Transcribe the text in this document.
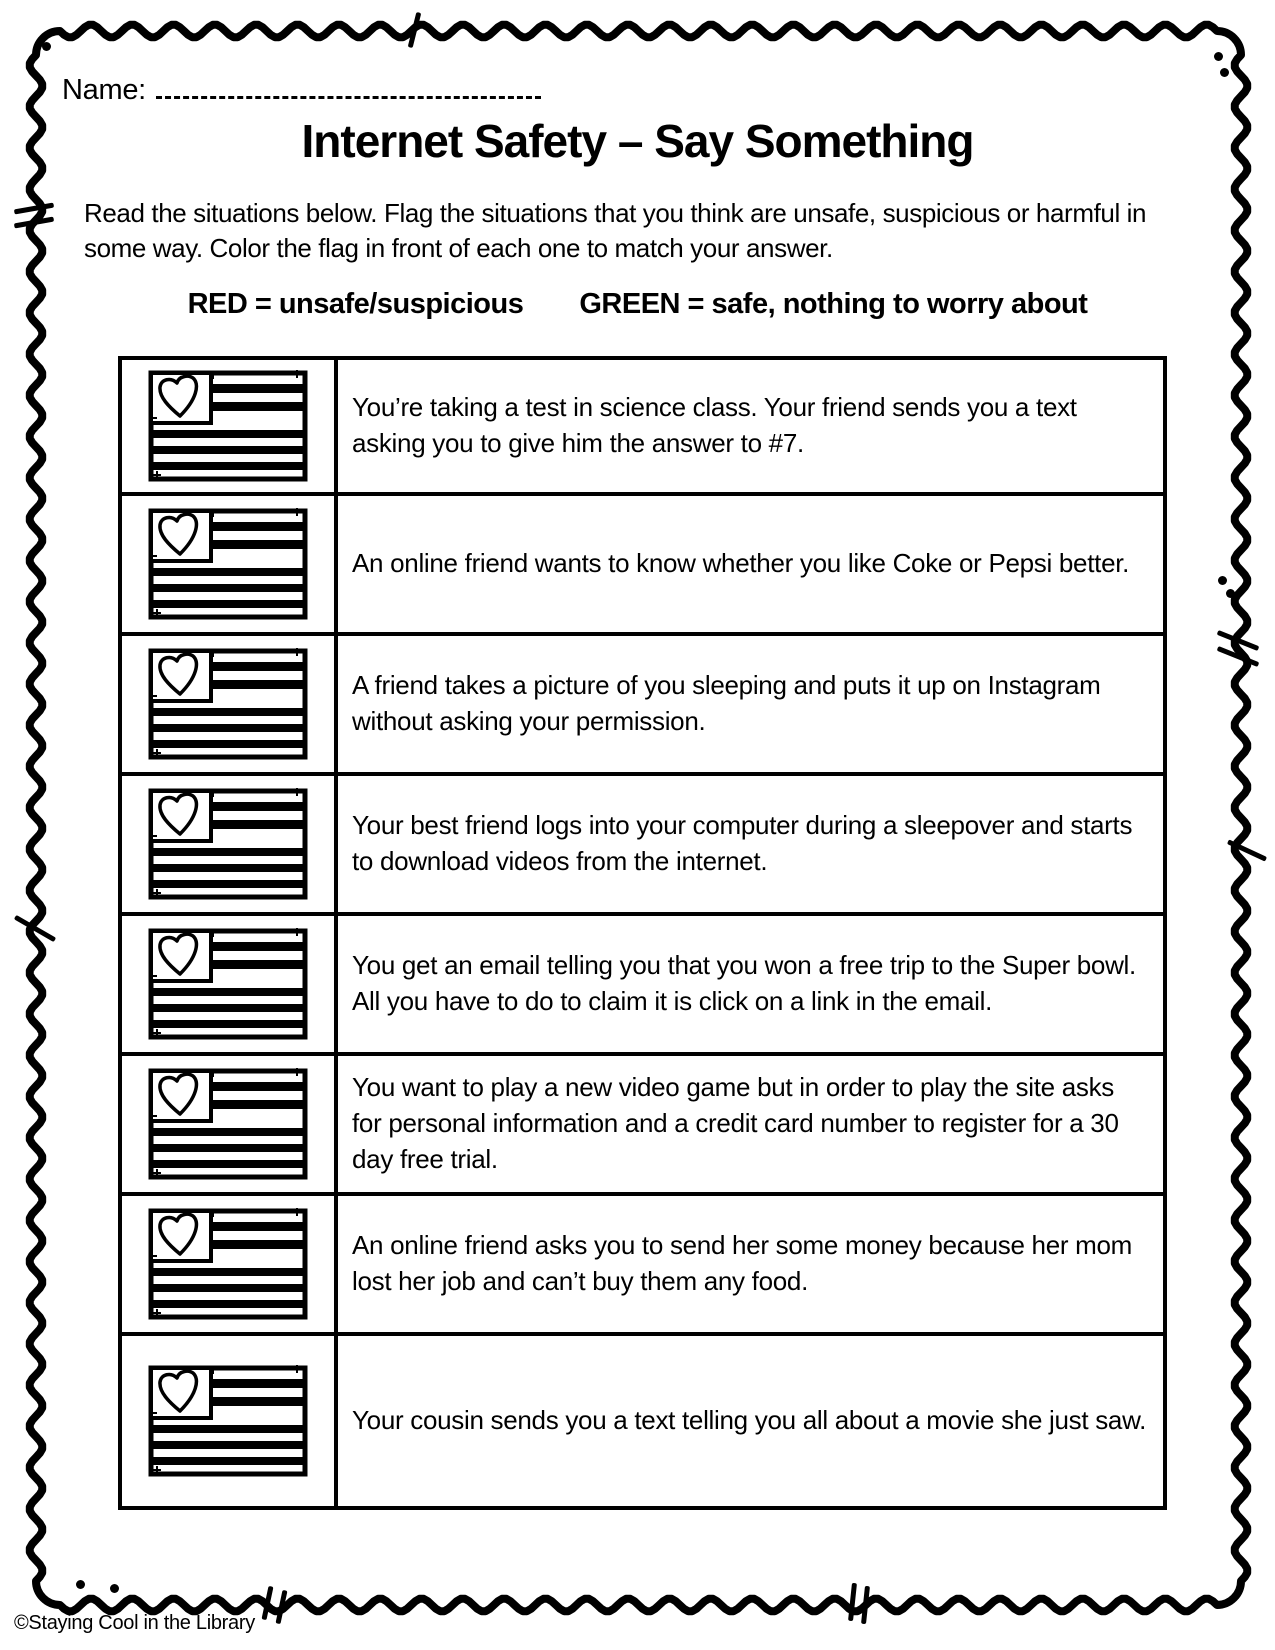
Name:
Internet Safety – Say Something
Read the situations below. Flag the situations that you think are unsafe, suspicious or harmful in some way. Color the flag in front of each one to match your answer.
RED = unsafe/suspicious GREEN = safe, nothing to worry about
You’re taking a test in science class. Your friend sends you a text asking you to give him the answer to #7.
An online friend wants to know whether you like Coke or Pepsi better.
A friend takes a picture of you sleeping and puts it up on Instagram without asking your permission.
Your best friend logs into your computer during a sleepover and starts to download videos from the internet.
You get an email telling you that you won a free trip to the Super bowl. All you have to do to claim it is click on a link in the email.
You want to play a new video game but in order to play the site asks for personal information and a credit card number to register for a 30 day free trial.
An online friend asks you to send her some money because her mom lost her job and can’t buy them any food.
Your cousin sends you a text telling you all about a movie she just saw.
©Staying Cool in the Library
